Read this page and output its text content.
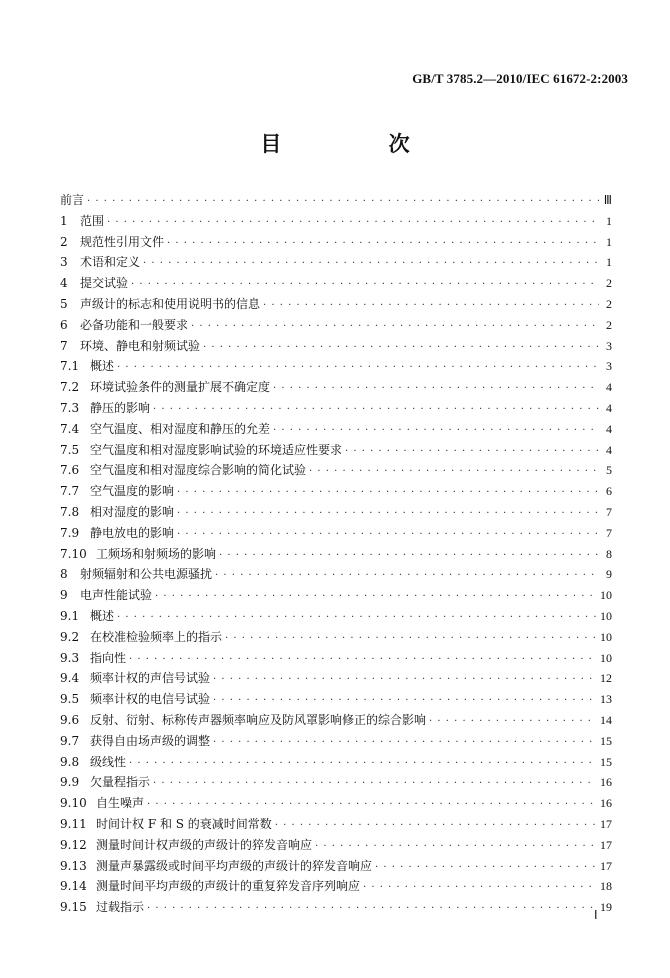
GB/T 3785.2—2010/IEC 61672-2:2003
目 次
前言 · · ·	Ⅲ
1	范围 · · ·	1
2	规范性引用文件 · · ·	1
3	术语和定义 · · ·	1
4	提交试验 · · ·	2
5	声级计的标志和使用说明书的信息 · · ·	2
6	必备功能和一般要求 · · ·	2
7	环境、静电和射频试验 · · ·	3
7.1 概述 · · ·	3
7.2 环境试验条件的测量扩展不确定度 · · ·	4
7.3 静压的影响 · · ·	4
7.4 空气温度、相对湿度和静压的允差 · · ·	4
7.5 空气温度和相对湿度影响试验的环境适应性要求 · · ·	4
7.6 空气温度和相对湿度综合影响的简化试验 · · ·	5
7.7 空气温度的影响 · · ·	6
7.8 相对湿度的影响 · · ·	7
7.9 静电放电的影响 · · ·	7
7.10 工频场和射频场的影响 · · ·	8
8	射频辐射和公共电源骚扰 · · ·	9
9	电声性能试验 · · ·	10
9.1 概述 · · ·	10
9.2 在校准检验频率上的指示 · · ·	10
9.3 指向性 · · ·	10
9.4 频率计权的声信号试验 · · ·	12
9.5 频率计权的电信号试验 · · ·	13
9.6 反射、衍射、标称传声器频率响应及防风罩影响修正的综合影响 · · ·	14
9.7 获得自由场声级的调整 · · ·	15
9.8 级线性 · · ·	15
9.9 欠量程指示 · · ·	16
9.10 自生噪声 · · ·	16
9.11 时间计权 F 和 S 的衰减时间常数 · · ·	17
9.12 测量时间计权声级的声级计的猝发音响应 · · ·	17
9.13 测量声暴露级或时间平均声级的声级计的猝发音响应 · · ·	17
9.14 测量时间平均声级的声级计的重复猝发音序列响应 · · ·	18
9.15 过载指示 · · ·	19
Ⅰ
